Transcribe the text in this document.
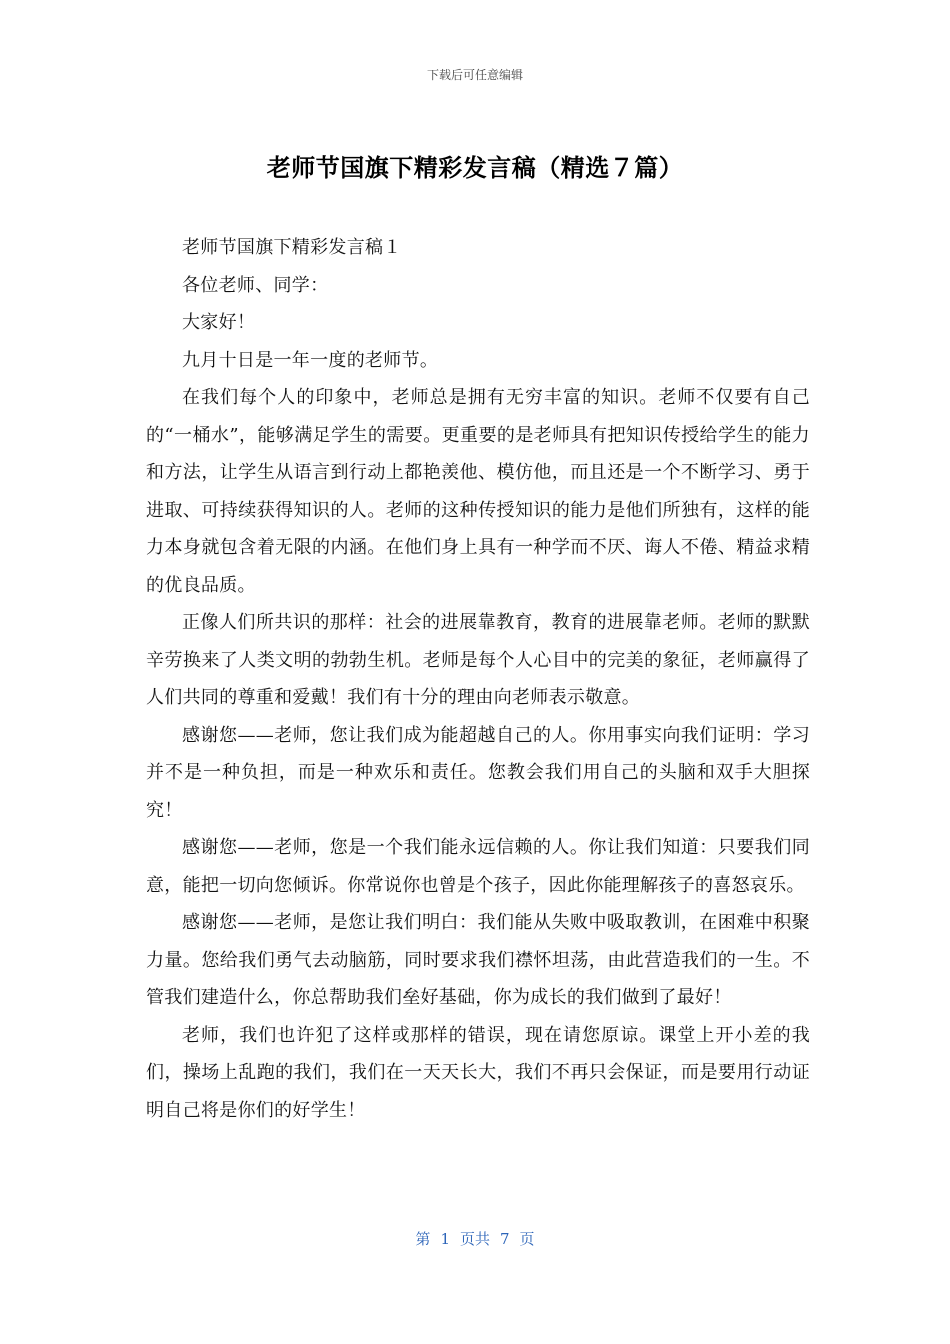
下载后可任意编辑
老师节国旗下精彩发言稿（精选７篇）

老师节国旗下精彩发言稿１

各位老师、同学：

大家好！

九月十日是一年一度的老师节。

在我们每个人的印象中，老师总是拥有无穷丰富的知识。老师不仅要有自己的“一桶水”，能够满足学生的需要。更重要的是老师具有把知识传授给学生的能力和方法，让学生从语言到行动上都艳羡他、模仿他，而且还是一个不断学习、勇于进取、可持续获得知识的人。老师的这种传授知识的能力是他们所独有，这样的能力本身就包含着无限的内涵。在他们身上具有一种学而不厌、诲人不倦、精益求精的优良品质。

正像人们所共识的那样：社会的进展靠教育，教育的进展靠老师。老师的默默辛劳换来了人类文明的勃勃生机。老师是每个人心目中的完美的象征，老师赢得了人们共同的尊重和爱戴！我们有十分的理由向老师表示敬意。

感谢您——老师，您让我们成为能超越自己的人。你用事实向我们证明：学习并不是一种负担，而是一种欢乐和责任。您教会我们用自己的头脑和双手大胆探究！

感谢您——老师，您是一个我们能永远信赖的人。你让我们知道：只要我们同意，能把一切向您倾诉。你常说你也曾是个孩子，因此你能理解孩子的喜怒哀乐。

感谢您——老师，是您让我们明白：我们能从失败中吸取教训，在困难中积聚力量。您给我们勇气去动脑筋，同时要求我们襟怀坦荡，由此营造我们的一生。不管我们建造什么，你总帮助我们垒好基础，你为成长的我们做到了最好！

老师，我们也许犯了这样或那样的错误，现在请您原谅。课堂上开小差的我们，操场上乱跑的我们，我们在一天天长大，我们不再只会保证，而是要用行动证明自己将是你们的好学生！

第 1 页共 7 页
